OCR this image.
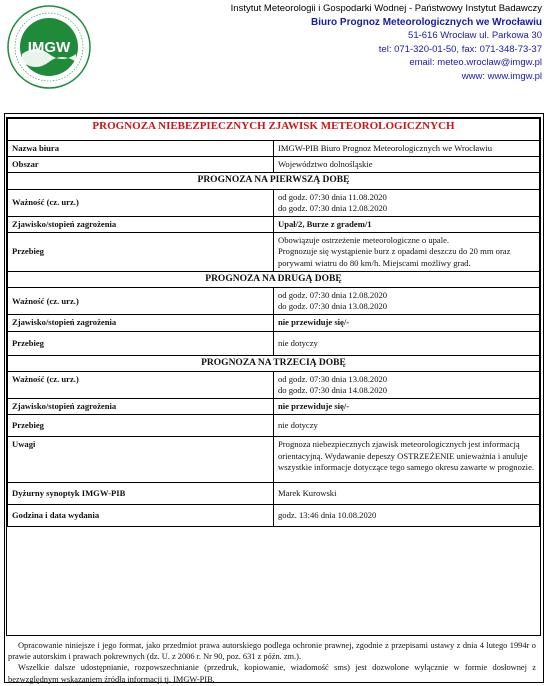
IMGW
Instytut Meteorologii i Gospodarki Wodnej - Państwowy Instytut Badawczy
Biuro Prognoz Meteorologicznych we Wrocławiu
51-616 Wrocław ul. Parkowa 30
tel: 071-320-01-50, fax: 071-348-73-37
email: meteo.wroclaw@imgw.pl
www: www.imgw.pl
PROGNOZA NIEBEZPIECZNYCH ZJAWISK METEOROLOGICZNYCH	
Nazwa biura	IMGW-PIB Biuro Prognoz Meteorologicznych we Wrocławiu
Obszar	Województwo dolnośląskie
PROGNOZA NA PIERWSZĄ DOBĘ	
Ważność (cz. urz.)	od godz. 07:30 dnia 11.08.2020
do godz. 07:30 dnia 12.08.2020

Zjawisko/stopień zagrożenia	Upał/2, Burze z gradem/1
Przebieg	Obowiązuje ostrzeżenie meteorologiczne o upale.
Prognozuje się wystąpienie burz z opadami deszczu do 20 mm oraz porywami wiatru do 80 km/h. Miejscami możliwy grad.

PROGNOZA NA DRUGĄ DOBĘ	
Ważność (cz. urz.)	od godz. 07:30 dnia 12.08.2020
do godz. 07:30 dnia 13.08.2020

Zjawisko/stopień zagrożenia	nie przewiduje się/-
Przebieg	nie dotyczy
PROGNOZA NA TRZECIĄ DOBĘ	
Ważność (cz. urz.)	od godz. 07:30 dnia 13.08.2020
do godz. 07:30 dnia 14.08.2020

Zjawisko/stopień zagrożenia	nie przewiduje się/-
Przebieg	nie dotyczy
Uwagi	Prognoza niebezpiecznych zjawisk meteorologicznych jest informacją orientacyjną. Wydawanie depeszy OSTRZEŻENIE unieważnia i anuluje wszystkie informacje dotyczące tego samego okresu zawarte w prognozie.
Dyżurny synoptyk IMGW-PIB	Marek Kurowski
Godzina i data wydania	godz. 13:46 dnia 10.08.2020

Opracowanie niniejsze i jego format, jako przedmiot prawa autorskiego podlega ochronie prawnej, zgodnie z przepisami ustawy z dnia 4 lutego 1994r o prawie autorskim i prawach pokrewnych (dz. U. z 2006 r. Nr 90, poz. 631 z późn. zm.).

Wszelkie dalsze udostępnianie, rozpowszechnianie (przedruk, kopiowanie, wiadomość sms) jest dozwolone wyłącznie w formie dosłownej z bezwzględnym wskazaniem źródła informacji tj. IMGW-PIB.
